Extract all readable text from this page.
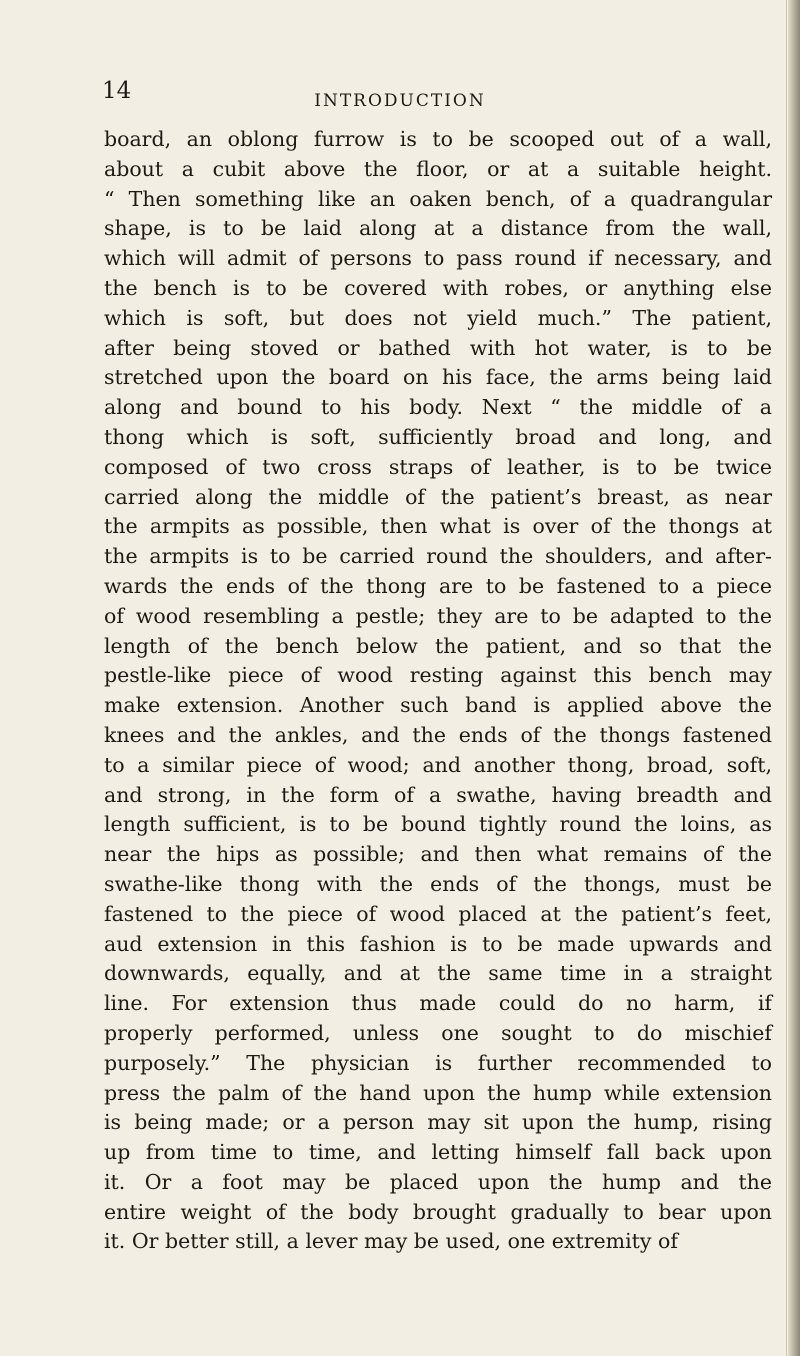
14	INTRODUCTION
board, an oblong furrow is to be scooped out of a wall,
about a cubit above the floor, or at a suitable height.
“ Then something like an oaken bench, of a quadrangular
shape, is to be laid along at a distance from the wall,
which will admit of persons to pass round if necessary, and
the bench is to be covered with robes, or anything else
which is soft, but does not yield much.” The patient,
after being stoved or bathed with hot water, is to be
stretched upon the board on his face, the arms being laid
along and bound to his body. Next “ the middle of a
thong which is soft, sufficiently broad and long, and
composed of two cross straps of leather, is to be twice
carried along the middle of the patient’s breast, as near
the armpits as possible, then what is over of the thongs at
the armpits is to be carried round the shoulders, and after-
wards the ends of the thong are to be fastened to a piece
of wood resembling a pestle; they are to be adapted to the
length of the bench below the patient, and so that the
pestle-like piece of wood resting against this bench may
make extension. Another such band is applied above the
knees and the ankles, and the ends of the thongs fastened
to a similar piece of wood; and another thong, broad, soft,
and strong, in the form of a swathe, having breadth and
length sufficient, is to be bound tightly round the loins, as
near the hips as possible; and then what remains of the
swathe-like thong with the ends of the thongs, must be
fastened to the piece of wood placed at the patient’s feet,
aud extension in this fashion is to be made upwards and
downwards, equally, and at the same time in a straight
line. For extension thus made could do no harm, if
properly performed, unless one sought to do mischief
purposely.” The physician is further recommended to
press the palm of the hand upon the hump while extension
is being made; or a person may sit upon the hump, rising
up from time to time, and letting himself fall back upon
it. Or a foot may be placed upon the hump and the
entire weight of the body brought gradually to bear upon
it. Or better still, a lever may be used, one extremity of
